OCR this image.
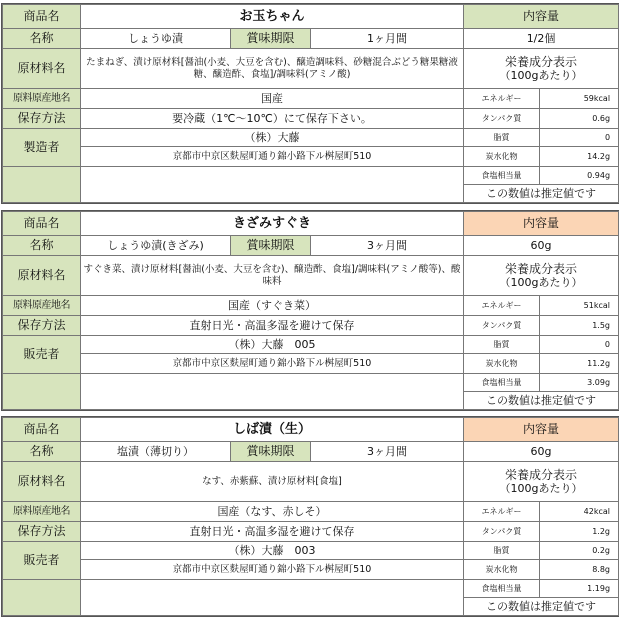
商品名	お玉ちゃん			内容量	
名称	しょうゆ漬	賞味期限	1ヶ月間	1/2個	
原材料名	たまねぎ、漬け原材料[醤油(小麦、大豆を含む)、醸造調味料、砂糖混合ぶどう糖果糖液糖、醸造酢、食塩]/調味料(アミノ酸)			栄養成分表示
（100gあたり）	

原料原産地名	国産			エネルギー	59kcal
保存方法	要冷蔵（1℃〜10℃）にて保存下さい。			タンパク質	0.6g
製造者	（株）大藤			脂質	0
	京都市中京区麩屋町通り錦小路下ル桝屋町510			炭水化物	14.2g
				食塩相当量	0.94g
				この数値は推定値です	
商品名	きざみすぐき			内容量	
名称	しょうゆ漬(きざみ)	賞味期限	3ヶ月間	60g	
原材料名	すぐき菜、漬け原材料[醤油(小麦、大豆を含む)、醸造酢、食塩]/調味料(アミノ酸等)、酸味料			栄養成分表示
（100gあたり）	

原料原産地名	国産（すぐき菜）			エネルギー	51kcal
保存方法	直射日光・高温多湿を避けて保存			タンパク質	1.5g
販売者	（株）大藤　005			脂質	0
	京都市中京区麩屋町通り錦小路下ル桝屋町510			炭水化物	11.2g
				食塩相当量	3.09g
				この数値は推定値です	
商品名	しば漬（生）			内容量	
名称	塩漬（薄切り）	賞味期限	3ヶ月間	60g	
原材料名	なす、赤紫蘇、漬け原材料[食塩]			栄養成分表示
（100gあたり）	

原料原産地名	国産（なす、赤しそ）			エネルギー	42kcal
保存方法	直射日光・高温多湿を避けて保存			タンパク質	1.2g
販売者	（株）大藤　003			脂質	0.2g
	京都市中京区麩屋町通り錦小路下ル桝屋町510			炭水化物	8.8g
				食塩相当量	1.19g
				この数値は推定値です	
